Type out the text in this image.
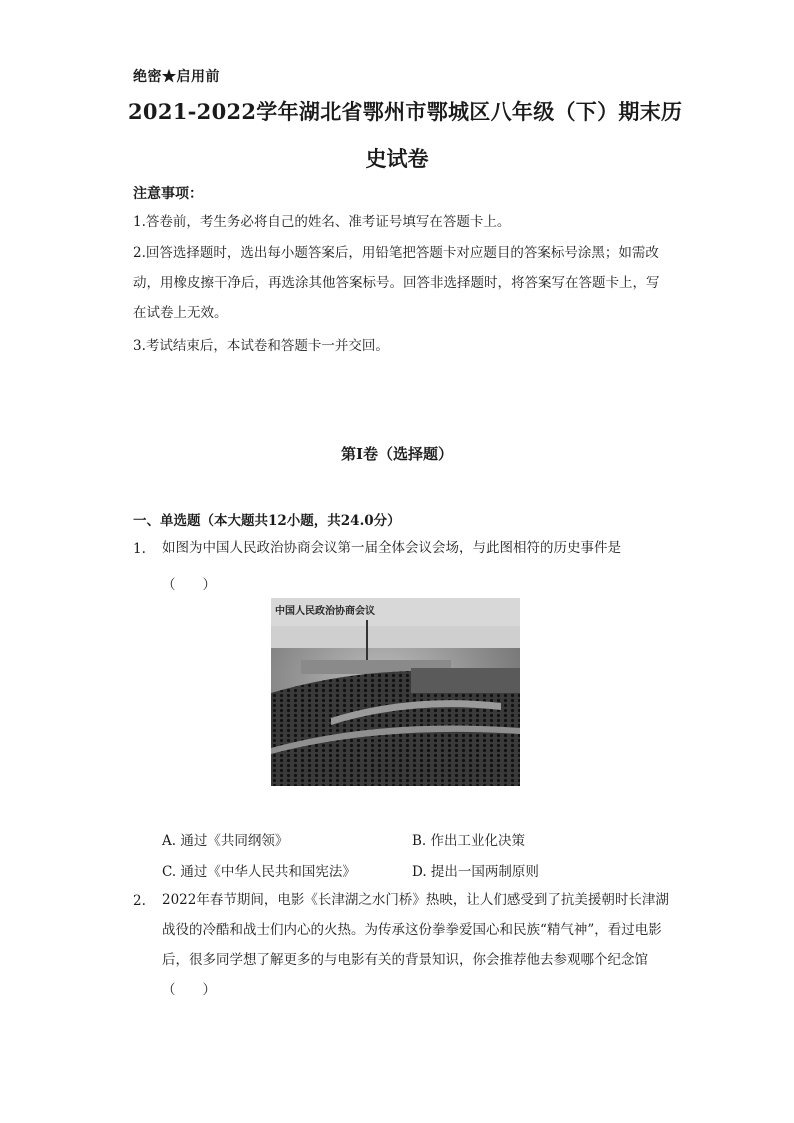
绝密★启用前
2021-2022学年湖北省鄂州市鄂城区八年级（下）期末历
史试卷
注意事项：
1.答卷前，考生务必将自己的姓名、准考证号填写在答题卡上。
2.回答选择题时，选出每小题答案后，用铅笔把答题卡对应题目的答案标号涂黑；如需改动，用橡皮擦干净后，再选涂其他答案标号。回答非选择题时，将答案写在答题卡上，写在试卷上无效。
3.考试结束后，本试卷和答题卡一并交回。
第I卷（选择题）
一、单选题（本大题共12小题，共24.0分）
1. 如图为中国人民政治协商会议第一届全体会议会场，与此图相符的历史事件是
（　　）
中国人民政治协商会议
A. 通过《共同纲领》	B. 作出工业化决策
C. 通过《中华人民共和国宪法》	D. 提出一国两制原则
2. 2022年春节期间，电影《长津湖之水门桥》热映，让人们感受到了抗美援朝时长津湖战役的冷酷和战士们内心的火热。为传承这份拳拳爱国心和民族“精气神”，看过电影后，很多同学想了解更多的与电影有关的背景知识，你会推荐他去参观哪个纪念馆（　　）
